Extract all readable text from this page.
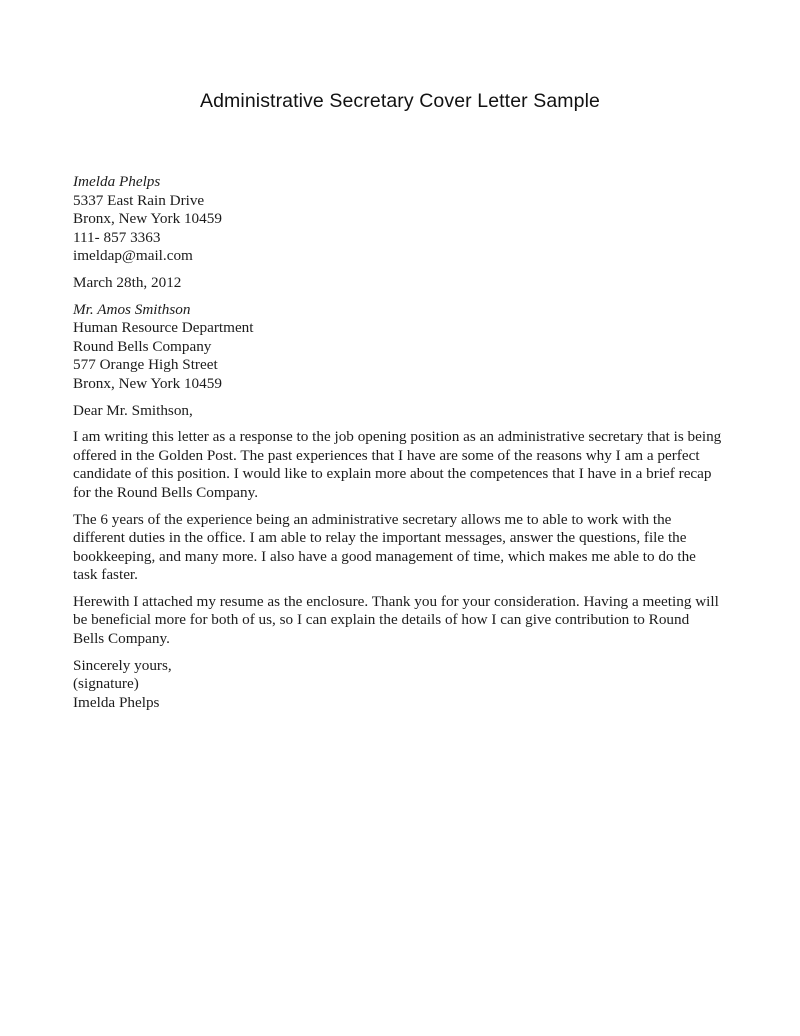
Administrative Secretary Cover Letter Sample
Imelda Phelps
5337 East Rain Drive
Bronx, New York 10459
111- 857 3363
imeldap@mail.com
March 28th, 2012
Mr. Amos Smithson
Human Resource Department
Round Bells Company
577 Orange High Street
Bronx, New York 10459
Dear Mr. Smithson,

I am writing this letter as a response to the job opening position as an administrative secretary that is being offered in the Golden Post. The past experiences that I have are some of the reasons why I am a perfect candidate of this position. I would like to explain more about the competences that I have in a brief recap for the Round Bells Company.

The 6 years of the experience being an administrative secretary allows me to able to work with the different duties in the office. I am able to relay the important messages, answer the questions, file the bookkeeping, and many more. I also have a good management of time, which makes me able to do the task faster.

Herewith I attached my resume as the enclosure. Thank you for your consideration. Having a meeting will be beneficial more for both of us, so I can explain the details of how I can give contribution to Round Bells Company.

Sincerely yours,
(signature)
Imelda Phelps
